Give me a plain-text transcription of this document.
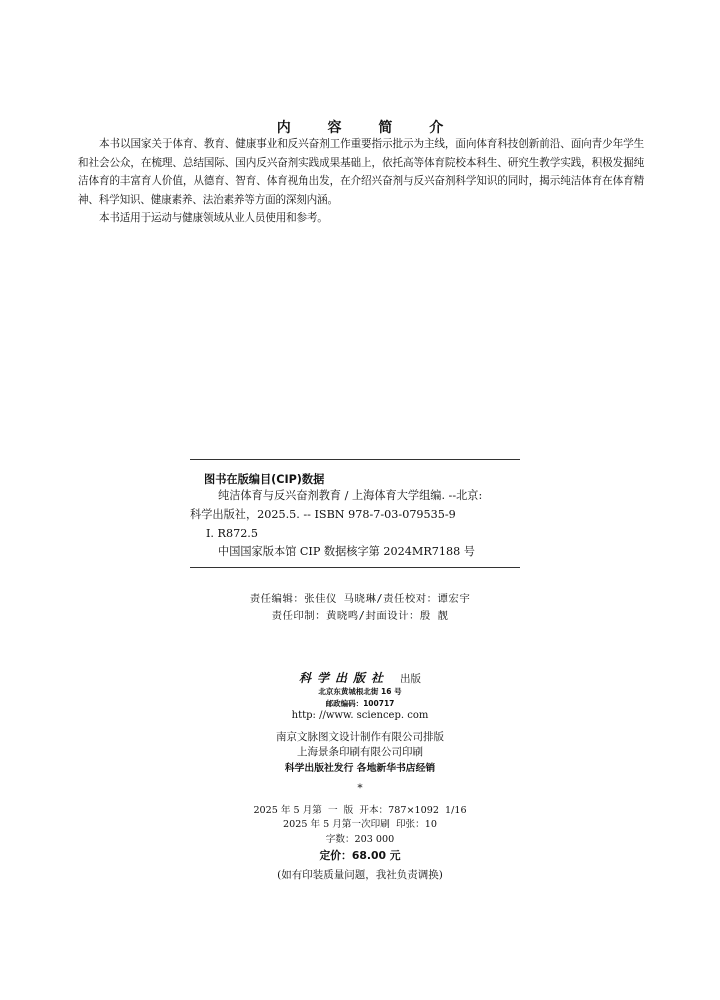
内 容 简 介
本书以国家关于体育、教育、健康事业和反兴奋剂工作重要指示批示为主线，面向体育科技创新前沿、面向青少年学生和社会公众，在梳理、总结国际、国内反兴奋剂实践成果基础上，依托高等体育院校本科生、研究生教学实践，积极发掘纯洁体育的丰富育人价值，从德育、智育、体育视角出发，在介绍兴奋剂与反兴奋剂科学知识的同时，揭示纯洁体育在体育精神、科学知识、健康素养、法治素养等方面的深刻内涵。
本书适用于运动与健康领域从业人员使用和参考。
图书在版编目(CIP)数据
纯洁体育与反兴奋剂教育 / 上海体育大学组编. --北京:
科学出版社，2025.5. -- ISBN 978-7-03-079535-9
Ⅰ. R872.5
中国国家版本馆 CIP 数据核字第 2024MR7188 号
责任编辑：张佳仪 马晓琳/责任校对：谭宏宇
责任印制：黄晓鸣/封面设计：殷 靓
科学出版社 出版
北京东黄城根北街 16 号
邮政编码：100717
http: //www. sciencep. com
南京文脉图文设计制作有限公司排版
上海景条印刷有限公司印刷
科学出版社发行 各地新华书店经销
*
2025 年 5 月第  一  版  开本：787×1092  1/16
2025 年 5 月第一次印刷  印张：10
字数：203 000
定价：68.00 元
(如有印装质量问题，我社负责调换)
